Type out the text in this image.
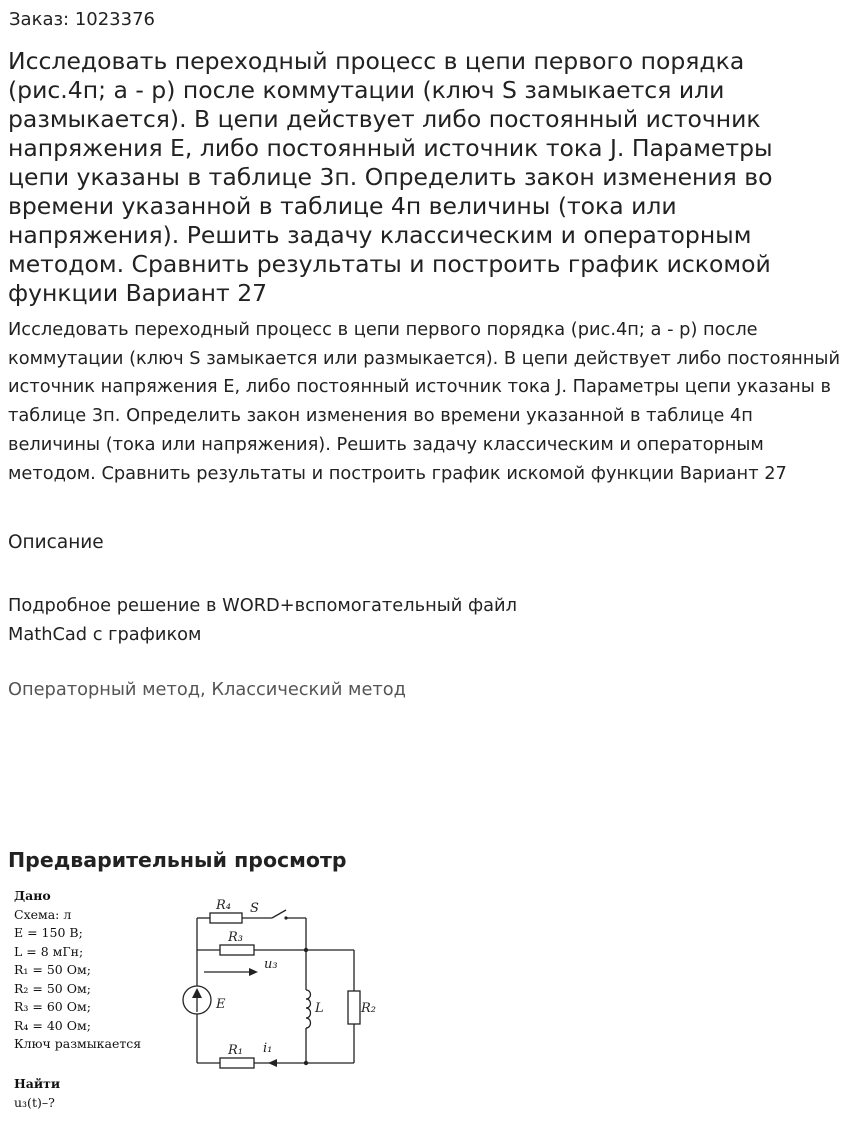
Заказ: 1023376
Исследовать переходный процесс в цепи первого порядка (рис.4п; а - р) после коммутации (ключ S замыкается или размыкается). В цепи действует либо постоянный источник напряжения E, либо постоянный источник тока J. Параметры цепи указаны в таблице 3п. Определить закон изменения во времени указанной в таблице 4п величины (тока или напряжения). Решить задачу классическим и операторным методом. Сравнить результаты и построить график искомой функции Вариант 27
Исследовать переходный процесс в цепи первого порядка (рис.4п; а - р) после коммутации (ключ S замыкается или размыкается). В цепи действует либо постоянный источник напряжения E, либо постоянный источник тока J. Параметры цепи указаны в таблице 3п. Определить закон изменения во времени указанной в таблице 4п величины (тока или напряжения). Решить задачу классическим и операторным методом. Сравнить результаты и построить график искомой функции Вариант 27
Описание
Подробное решение в WORD+вспомогательный файл
MathCad с графиком
Операторный метод, Классический метод
Предварительный просмотр
Дано
Схема: л
E = 150 В;
L = 8 мГн;
R₁ = 50 Ом;
R₂ = 50 Ом;
R₃ = 60 Ом;
R₄ = 40 Ом;
Ключ размыкается
Найти
u₃(t)–?
R₄ S
R₃
u₃
E	L	R₂
R₁ i₁
